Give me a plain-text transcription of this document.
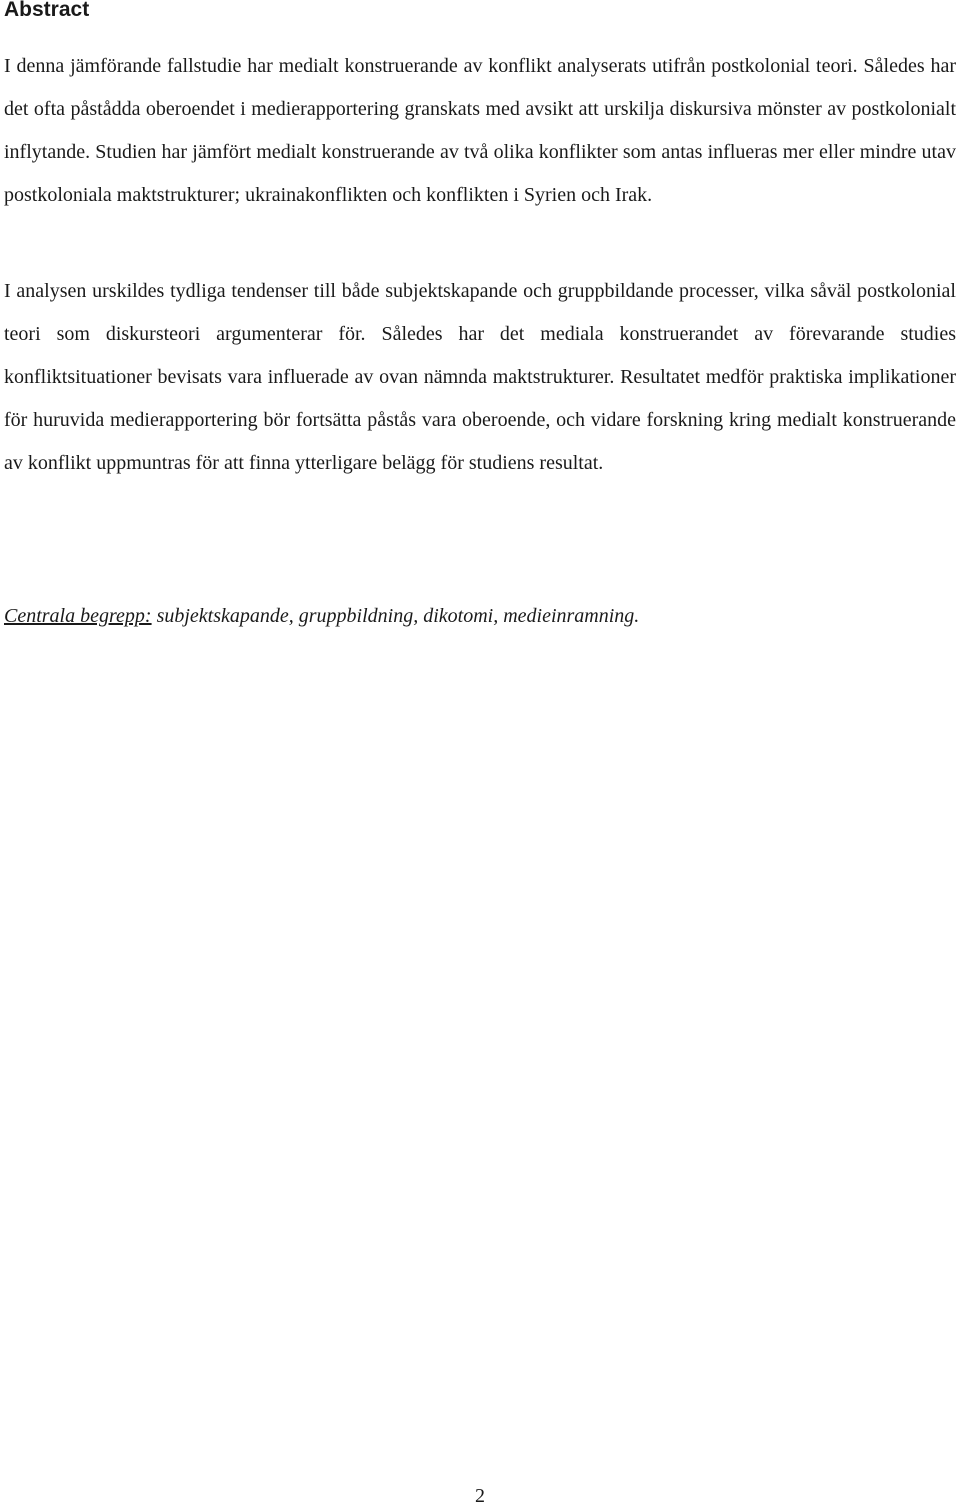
Abstract

I denna jämförande fallstudie har medialt konstruerande av konflikt analyserats utifrån postkolonial teori. Således har det ofta påstådda oberoendet i medierapportering granskats med avsikt att urskilja diskursiva mönster av postkolonialt inflytande. Studien har jämfört medialt konstruerande av två olika konflikter som antas influeras mer eller mindre utav postkoloniala maktstrukturer; ukrainakonflikten och konflikten i Syrien och Irak.

I analysen urskildes tydliga tendenser till både subjektskapande och gruppbildande processer, vilka såväl postkolonial teori som diskursteori argumenterar för. Således har det mediala konstruerandet av förevarande studies konfliktsituationer bevisats vara influerade av ovan nämnda maktstrukturer. Resultatet medför praktiska implikationer för huruvida medierapportering bör fortsätta påstås vara oberoende, och vidare forskning kring medialt konstruerande av konflikt uppmuntras för att finna ytterligare belägg för studiens resultat.

Centrala begrepp: subjektskapande, gruppbildning, dikotomi, medieinramning.

2
